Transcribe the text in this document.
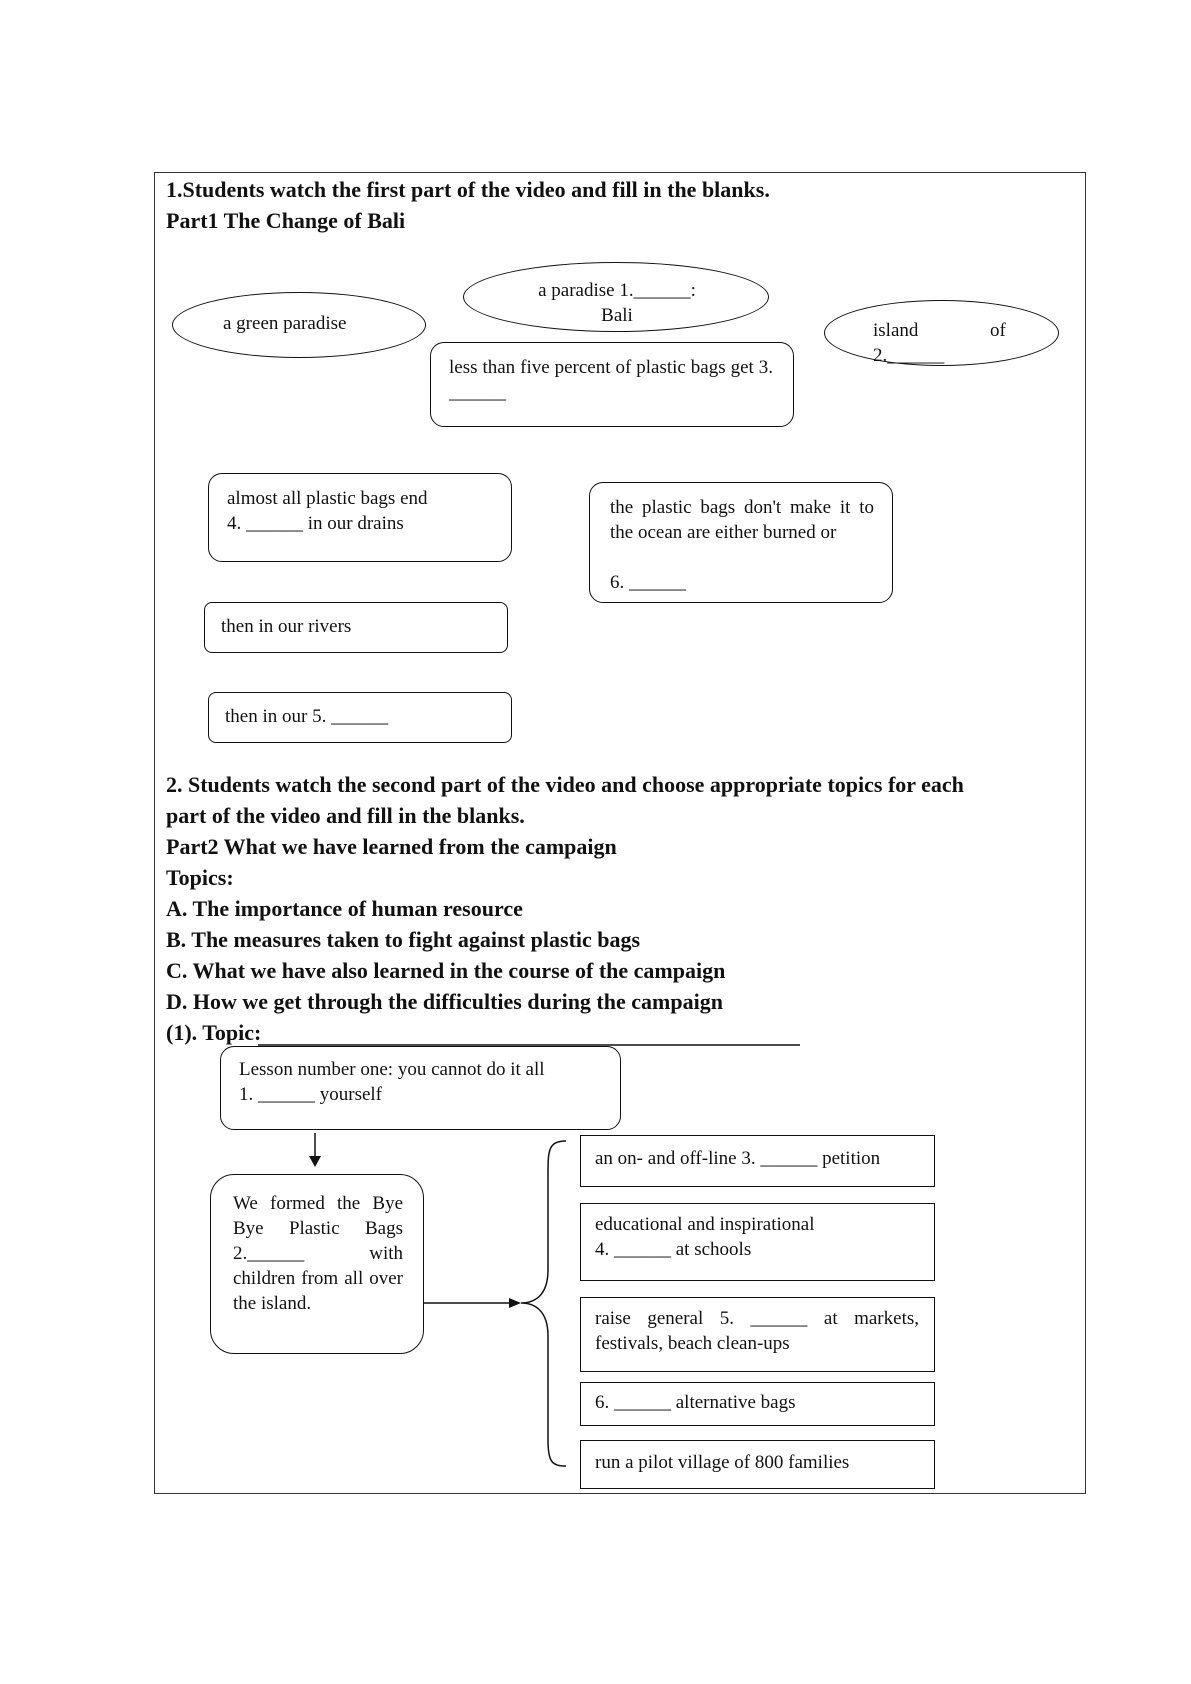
1.Students watch the first part of the video and fill in the blanks.
Part1 The Change of Bali
a green paradise
a paradise 1.______:
Bali
island	of
2.______
less than five percent of plastic bags get 3. ______
almost all plastic bags end
4. ______ in our drains
the plastic bags don't make it to the ocean are either burned or
6. ______
then in our rivers
then in our 5. ______
2. Students watch the second part of the video and choose appropriate topics for each
part of the video and fill in the blanks.
Part2 What we have learned from the campaign
Topics:
A. The importance of human resource
B. The measures taken to fight against plastic bags
C. What we have also learned in the course of the campaign
D. How we get through the difficulties during the campaign
(1). Topic:
Lesson number one: you cannot do it all
1. ______ yourself
We formed the Bye Bye Plastic Bags 2.______ with children from all over the island.
an on- and off-line 3. ______ petition
educational and inspirational
4. ______ at schools
raise general 5. ______ at markets, festivals, beach clean-ups
6. ______ alternative bags
run a pilot village of 800 families
